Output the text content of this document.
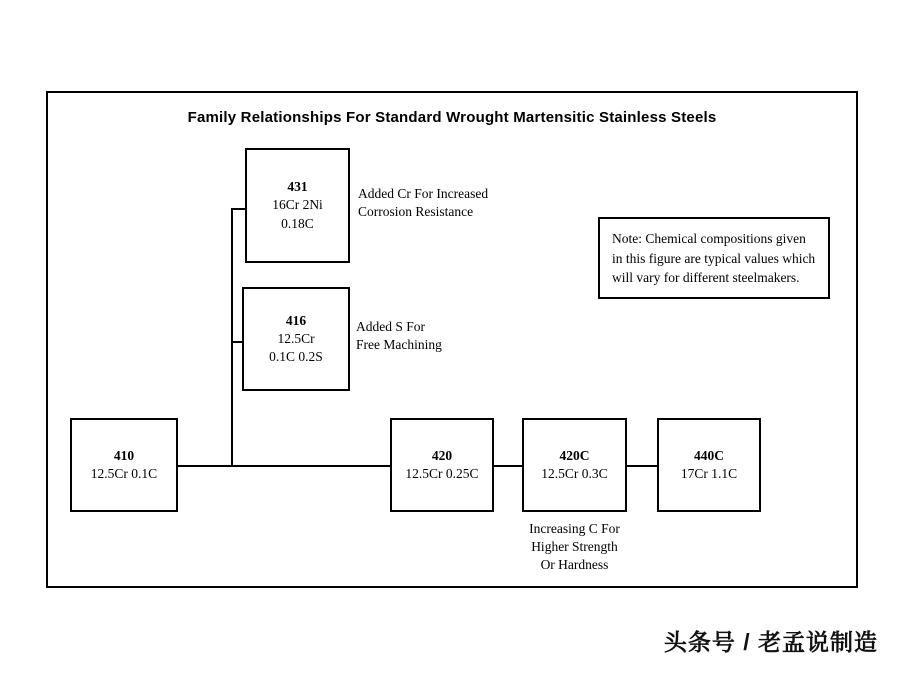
Family Relationships For Standard Wrought Martensitic Stainless Steels
431
16Cr 2Ni
0.18C
416
12.5Cr
0.1C 0.2S
410
12.5Cr 0.1C
420
12.5Cr 0.25C
420C
12.5Cr 0.3C
440C
17Cr 1.1C
Note: Chemical compositions given in this figure are typical values which will vary for different steelmakers.
Added Cr For Increased
Corrosion Resistance
Added S For
Free Machining
Increasing C For
Higher Strength
Or Hardness
头条号 / 老孟说制造
